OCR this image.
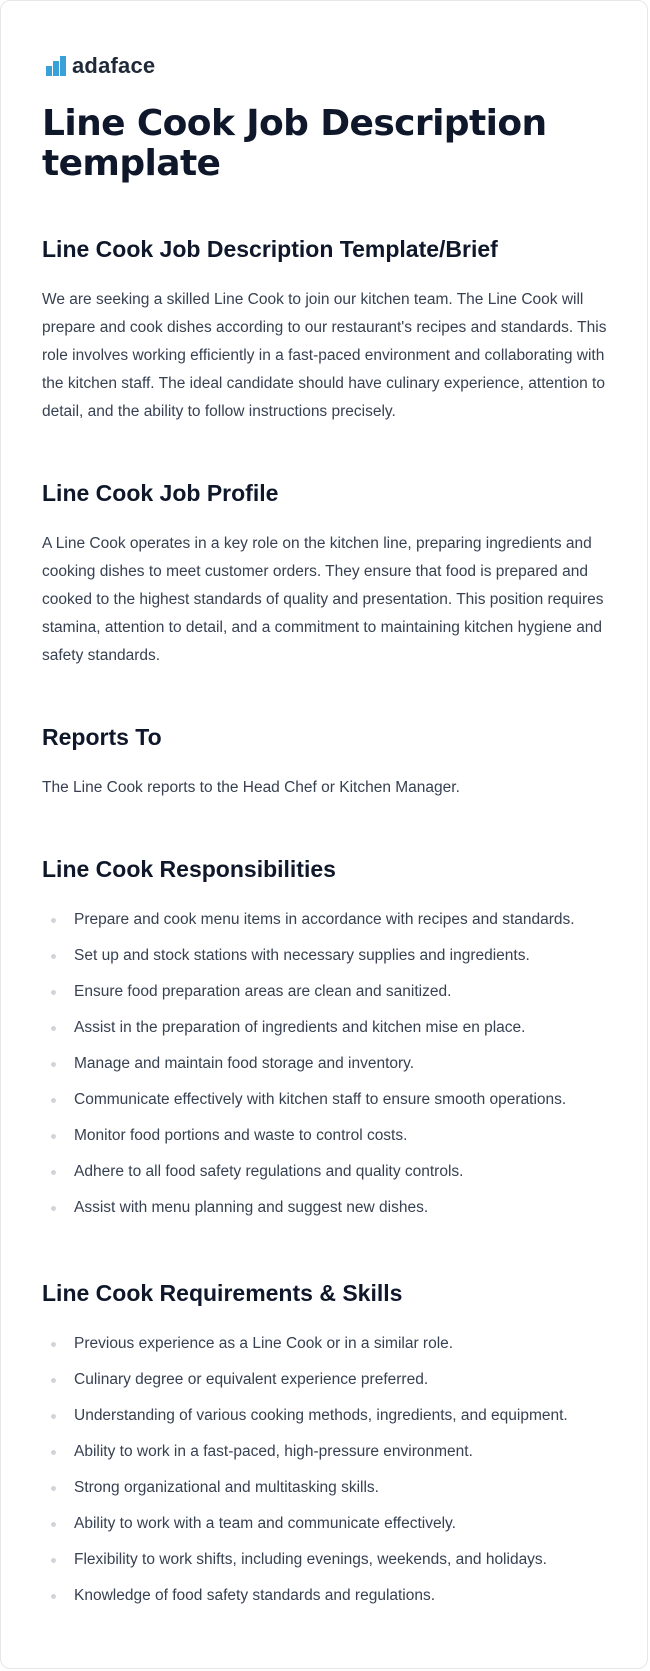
adaface
Line Cook Job Description template
Line Cook Job Description Template/Brief

We are seeking a skilled Line Cook to join our kitchen team. The Line Cook will prepare and cook dishes according to our restaurant's recipes and standards. This role involves working efficiently in a fast-paced environment and collaborating with the kitchen staff. The ideal candidate should have culinary experience, attention to detail, and the ability to follow instructions precisely.

Line Cook Job Profile

A Line Cook operates in a key role on the kitchen line, preparing ingredients and cooking dishes to meet customer orders. They ensure that food is prepared and cooked to the highest standards of quality and presentation. This position requires stamina, attention to detail, and a commitment to maintaining kitchen hygiene and safety standards.

Reports To

The Line Cook reports to the Head Chef or Kitchen Manager.

Line Cook Responsibilities
Prepare and cook menu items in accordance with recipes and standards.
Set up and stock stations with necessary supplies and ingredients.
Ensure food preparation areas are clean and sanitized.
Assist in the preparation of ingredients and kitchen mise en place.
Manage and maintain food storage and inventory.
Communicate effectively with kitchen staff to ensure smooth operations.
Monitor food portions and waste to control costs.
Adhere to all food safety regulations and quality controls.
Assist with menu planning and suggest new dishes.
Line Cook Requirements & Skills
Previous experience as a Line Cook or in a similar role.
Culinary degree or equivalent experience preferred.
Understanding of various cooking methods, ingredients, and equipment.
Ability to work in a fast-paced, high-pressure environment.
Strong organizational and multitasking skills.
Ability to work with a team and communicate effectively.
Flexibility to work shifts, including evenings, weekends, and holidays.
Knowledge of food safety standards and regulations.
